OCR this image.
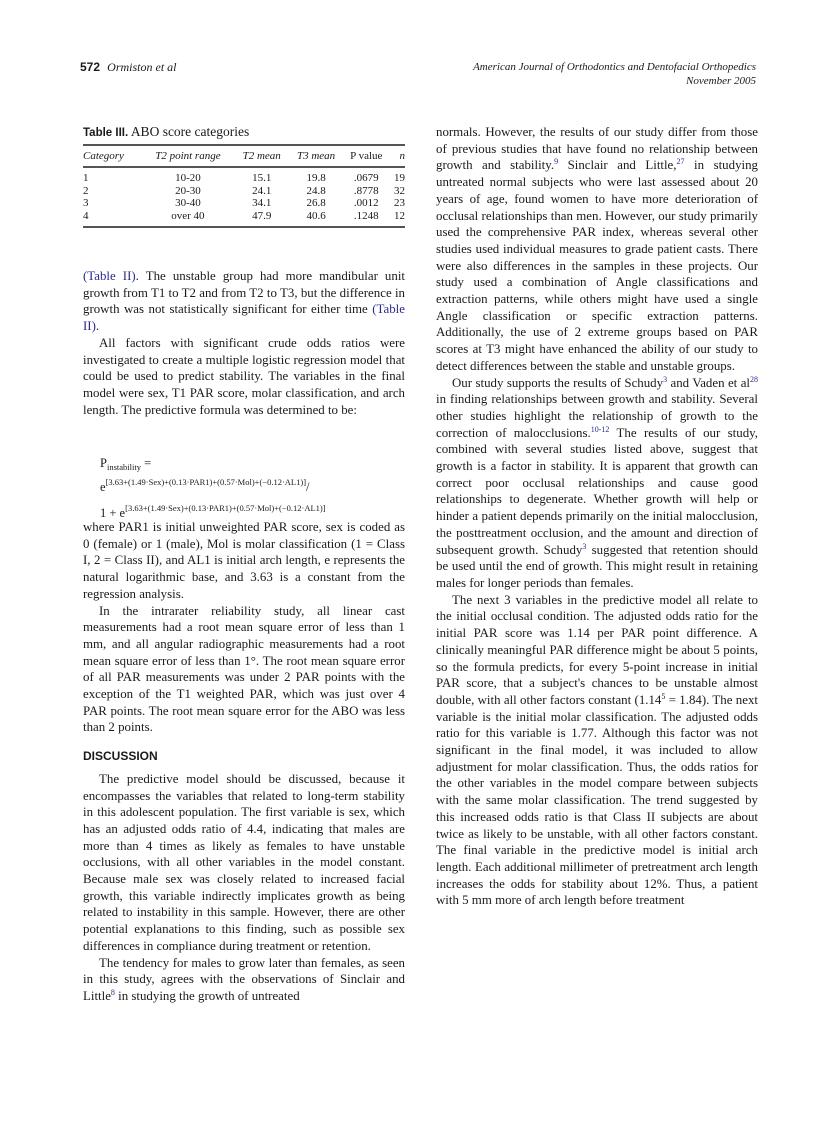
572 Ormiston et al	American Journal of Orthodontics and Dentofacial Orthopedics
November 2005
Table III. ABO score categories
Category	T2 point range	T2 mean	T3 mean	P value	n
1	10-20	15.1	19.8	.0679	19
2	20-30	24.1	24.8	.8778	32
3	30-40	34.1	26.8	.0012	23
4	over 40	47.9	40.6	.1248	12

(Table II). The unstable group had more mandibular unit growth from T1 to T2 and from T2 to T3, but the difference in growth was not statistically significant for either time (Table II).

All factors with significant crude odds ratios were investigated to create a multiple logistic regression model that could be used to predict stability. The variables in the final model were sex, T1 PAR score, molar classification, and arch length. The predictive formula was determined to be:

$P_{instability}$ =
e[3.63+(1.49·Sex)+(0.13·PAR1)+(0.57·Mol)+(−0.12·AL1)]/
1 + e[3.63+(1.49·Sex)+(0.13·PAR1)+(0.57·Mol)+(−0.12·AL1)]

where PAR1 is initial unweighted PAR score, sex is coded as 0 (female) or 1 (male), Mol is molar classification (1 = Class I, 2 = Class II), and AL1 is initial arch length, e represents the natural logarithmic base, and 3.63 is a constant from the regression analysis.

In the intrarater reliability study, all linear cast measurements had a root mean square error of less than 1 mm, and all angular radiographic measurements had a root mean square error of less than 1°. The root mean square error of all PAR measurements was under 2 PAR points with the exception of the T1 weighted PAR, which was just over 4 PAR points. The root mean square error for the ABO was less than 2 points.

DISCUSSION

The predictive model should be discussed, because it encompasses the variables that related to long-term stability in this adolescent population. The first variable is sex, which has an adjusted odds ratio of 4.4, indicating that males are more than 4 times as likely as females to have unstable occlusions, with all other variables in the model constant. Because male sex was closely related to increased facial growth, this variable indirectly implicates growth as being related to instability in this sample. However, there are other potential explanations to this finding, such as possible sex differences in compliance during treatment or retention.

The tendency for males to grow later than females, as seen in this study, agrees with the observations of Sinclair and Little$^8$ in studying the growth of untreated

normals. However, the results of our study differ from those of previous studies that have found no relationship between growth and stability.$^9$ Sinclair and Little,$^{27}$ in studying untreated normal subjects who were last assessed about 20 years of age, found women to have more deterioration of occlusal relationships than men. However, our study primarily used the comprehensive PAR index, whereas several other studies used individual measures to grade patient casts. There were also differences in the samples in these projects. Our study used a combination of Angle classifications and extraction patterns, while others might have used a single Angle classification or specific extraction patterns. Additionally, the use of 2 extreme groups based on PAR scores at T3 might have enhanced the ability of our study to detect differences between the stable and unstable groups.

Our study supports the results of Schudy$^3$ and Vaden et $al^{28}$ in finding relationships between growth and stability. Several other studies highlight the relationship of growth to the correction of malocclusions.$^{10-12}$ The results of our study, combined with several studies listed above, suggest that growth is a factor in stability. It is apparent that growth can correct poor occlusal relationships and cause good relationships to degenerate. Whether growth will help or hinder a patient depends primarily on the initial malocclusion, the posttreatment occlusion, and the amount and direction of subsequent growth. Schudy$^3$ suggested that retention should be used until the end of growth. This might result in retaining males for longer periods than females.

The next 3 variables in the predictive model all relate to the initial occlusal condition. The adjusted odds ratio for the initial PAR score was 1.14 per PAR point difference. A clinically meaningful PAR difference might be about 5 points, so the formula predicts, for every 5-point increase in initial PAR score, that a subject's chances to be unstable almost double, with all other factors constant $(1.14^5 = 1.84)$. The next variable is the initial molar classification. The adjusted odds ratio for this variable is 1.77. Although this factor was not significant in the final model, it was included to allow adjustment for molar classification. Thus, the odds ratios for the other variables in the model compare between subjects with the same molar classification. The trend suggested by this increased odds ratio is that Class II subjects are about twice as likely to be unstable, with all other factors constant. The final variable in the predictive model is initial arch length. Each additional millimeter of pretreatment arch length increases the odds for stability about 12%. Thus, a patient with 5 mm more of arch length before treatment
